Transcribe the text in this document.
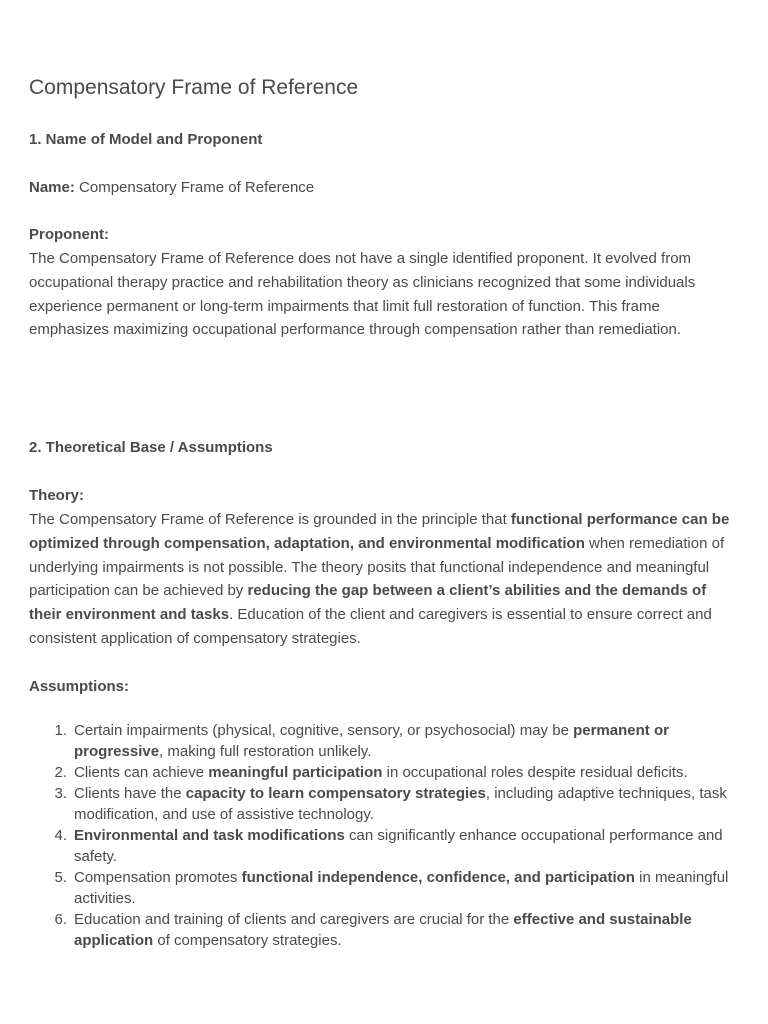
Compensatory Frame of Reference
1. Name of Model and Proponent

Name: Compensatory Frame of Reference

Proponent:

The Compensatory Frame of Reference does not have a single identified proponent. It evolved from occupational therapy practice and rehabilitation theory as clinicians recognized that some individuals experience permanent or long-term impairments that limit full restoration of function. This frame emphasizes maximizing occupational performance through compensation rather than remediation.

2. Theoretical Base / Assumptions

Theory:

The Compensatory Frame of Reference is grounded in the principle that functional performance can be optimized through compensation, adaptation, and environmental modification when remediation of underlying impairments is not possible. The theory posits that functional independence and meaningful participation can be achieved by reducing the gap between a client’s abilities and the demands of their environment and tasks. Education of the client and caregivers is essential to ensure correct and consistent application of compensatory strategies.

Assumptions:

1. Certain impairments (physical, cognitive, sensory, or psychosocial) may be permanent or progressive, making full restoration unlikely.
2. Clients can achieve meaningful participation in occupational roles despite residual deficits.
3. Clients have the capacity to learn compensatory strategies, including adaptive techniques, task modification, and use of assistive technology.
4. Environmental and task modifications can significantly enhance occupational performance and safety.
5. Compensation promotes functional independence, confidence, and participation in meaningful activities.
6. Education and training of clients and caregivers are crucial for the effective and sustainable application of compensatory strategies.
